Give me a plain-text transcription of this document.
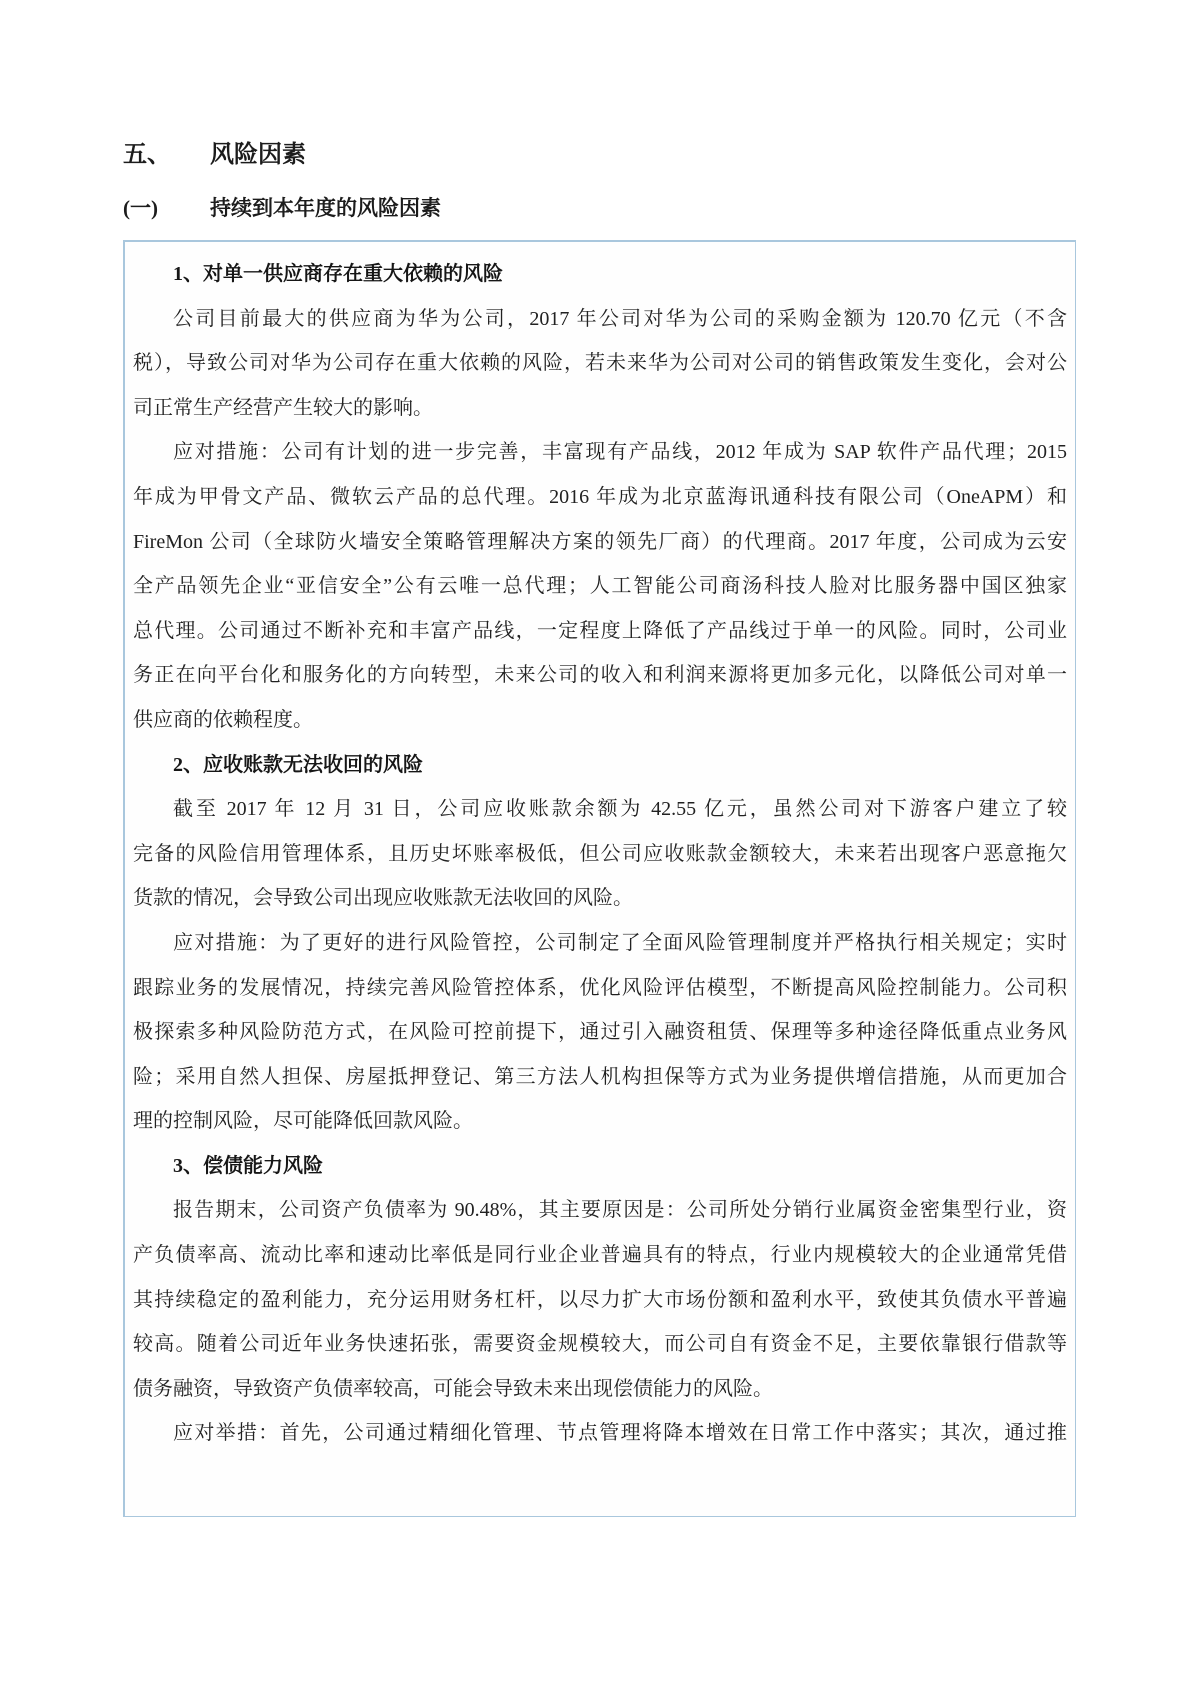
五、 风险因素
(一) 持续到本年度的风险因素
1、对单一供应商存在重大依赖的风险
公司目前最大的供应商为华为公司，2017 年公司对华为公司的采购金额为 120.70 亿元（不含
税），导致公司对华为公司存在重大依赖的风险，若未来华为公司对公司的销售政策发生变化，会对公
司正常生产经营产生较大的影响。
应对措施：公司有计划的进一步完善，丰富现有产品线，2012 年成为 SAP 软件产品代理；2015
年成为甲骨文产品、微软云产品的总代理。2016 年成为北京蓝海讯通科技有限公司（OneAPM）和
FireMon 公司（全球防火墙安全策略管理解决方案的领先厂商）的代理商。2017 年度，公司成为云安
全产品领先企业“亚信安全”公有云唯一总代理；人工智能公司商汤科技人脸对比服务器中国区独家
总代理。公司通过不断补充和丰富产品线，一定程度上降低了产品线过于单一的风险。同时，公司业
务正在向平台化和服务化的方向转型，未来公司的收入和利润来源将更加多元化，以降低公司对单一
供应商的依赖程度。
2、应收账款无法收回的风险
截至 2017 年 12 月 31 日，公司应收账款余额为 42.55 亿元，虽然公司对下游客户建立了较
完备的风险信用管理体系，且历史坏账率极低，但公司应收账款金额较大，未来若出现客户恶意拖欠
货款的情况，会导致公司出现应收账款无法收回的风险。
应对措施：为了更好的进行风险管控，公司制定了全面风险管理制度并严格执行相关规定；实时
跟踪业务的发展情况，持续完善风险管控体系，优化风险评估模型，不断提高风险控制能力。公司积
极探索多种风险防范方式，在风险可控前提下，通过引入融资租赁、保理等多种途径降低重点业务风
险；采用自然人担保、房屋抵押登记、第三方法人机构担保等方式为业务提供增信措施，从而更加合
理的控制风险，尽可能降低回款风险。
3、偿债能力风险
报告期末，公司资产负债率为 90.48%，其主要原因是：公司所处分销行业属资金密集型行业，资
产负债率高、流动比率和速动比率低是同行业企业普遍具有的特点，行业内规模较大的企业通常凭借
其持续稳定的盈利能力，充分运用财务杠杆，以尽力扩大市场份额和盈利水平，致使其负债水平普遍
较高。随着公司近年业务快速拓张，需要资金规模较大，而公司自有资金不足，主要依靠银行借款等
债务融资，导致资产负债率较高，可能会导致未来出现偿债能力的风险。
应对举措：首先，公司通过精细化管理、节点管理将降本增效在日常工作中落实；其次，通过推
